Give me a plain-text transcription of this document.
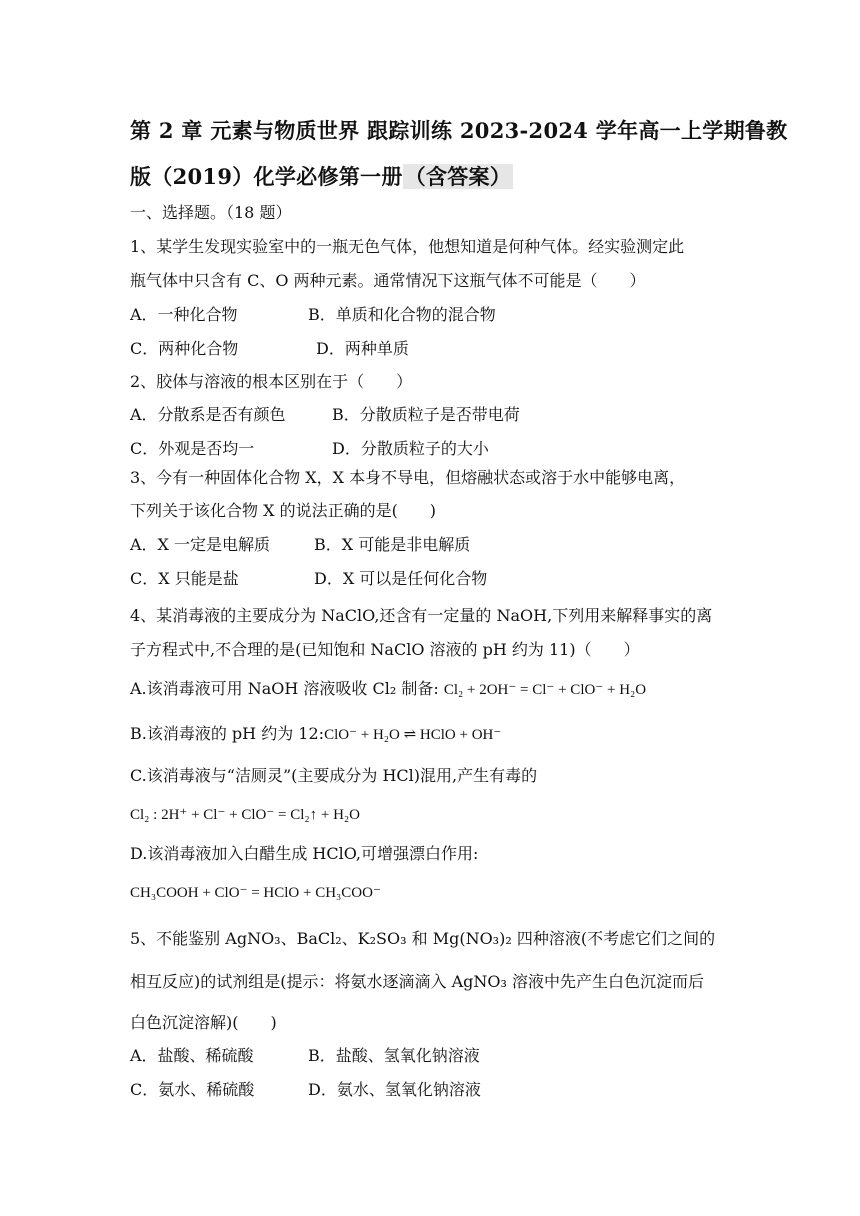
第 2 章 元素与物质世界 跟踪训练 2023-2024 学年高一上学期鲁教
版（2019）化学必修第一册（含答案）
一、选择题。（18 题）
1、某学生发现实验室中的一瓶无色气体，他想知道是何种气体。经实验测定此
瓶气体中只含有 C、O 两种元素。通常情况下这瓶气体不可能是（　　）
A．一种化合物	B．单质和化合物的混合物
C．两种化合物	D．两种单质
2、胶体与溶液的根本区别在于（　　）
A．分散系是否有颜色	B．分散质粒子是否带电荷
C．外观是否均一	D．分散质粒子的大小
3、今有一种固体化合物 X，X 本身不导电，但熔融状态或溶于水中能够电离，
下列关于该化合物 X 的说法正确的是(　　)
A．X 一定是电解质	B．X 可能是非电解质
C．X 只能是盐	D．X 可以是任何化合物
4、某消毒液的主要成分为 NaClO,还含有一定量的 NaOH,下列用来解释事实的离
子方程式中,不合理的是(已知饱和 NaClO 溶液的 pH 约为 11)（　　）
A.该消毒液可用 NaOH 溶液吸收 Cl₂ 制备: Cl₂ + 2OH⁻ = Cl⁻ + ClO⁻ + H₂O
B.该消毒液的 pH 约为 12:ClO⁻ + H₂O ⇌ HClO + OH⁻
C.该消毒液与“洁厕灵”(主要成分为 HCl)混用,产生有毒的
Cl₂ : 2H⁺ + Cl⁻ + ClO⁻ = Cl₂↑ + H₂O
D.该消毒液加入白醋生成 HClO,可增强漂白作用:
CH₃COOH + ClO⁻ = HClO + CH₃COO⁻
5、不能鉴别 AgNO₃、BaCl₂、K₂SO₃ 和 Mg(NO₃)₂ 四种溶液(不考虑它们之间的
相互反应)的试剂组是(提示：将氨水逐滴滴入 AgNO₃ 溶液中先产生白色沉淀而后
白色沉淀溶解)(　　)
A．盐酸、稀硫酸	B．盐酸、氢氧化钠溶液
C．氨水、稀硫酸	D．氨水、氢氧化钠溶液
